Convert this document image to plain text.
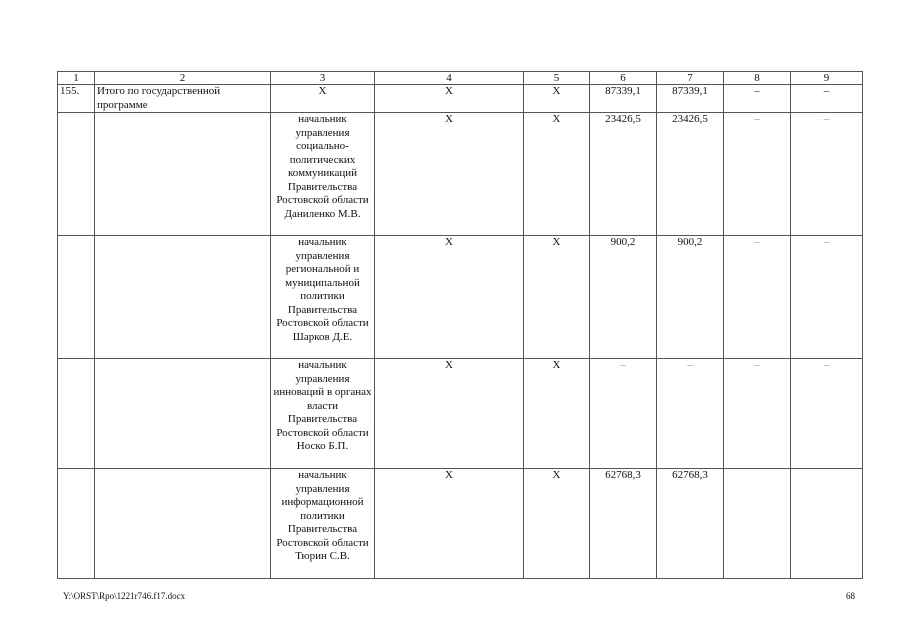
1	2	3	4	5	6	7	8	9
155.	Итого по государственной программе	X	X	X	87339,1	87339,1	–	–
		начальник управления социально-политических коммуникаций Правительства Ростовской области Даниленко М.В.	X	X	23426,5	23426,5	–	–
		начальник управления региональной и муниципальной политики Правительства Ростовской области Шарков Д.Е.	X	X	900,2	900,2	–	–
		начальник управления инноваций в органах власти Правительства Ростовской области Носко Б.П.	X	X	–	–	–	–
		начальник управления информационной политики Правительства Ростовской области Тюрин С.В.	X	X	62768,3	62768,3		
Y:\ORST\Rpo\1221r746.f17.docx	68
